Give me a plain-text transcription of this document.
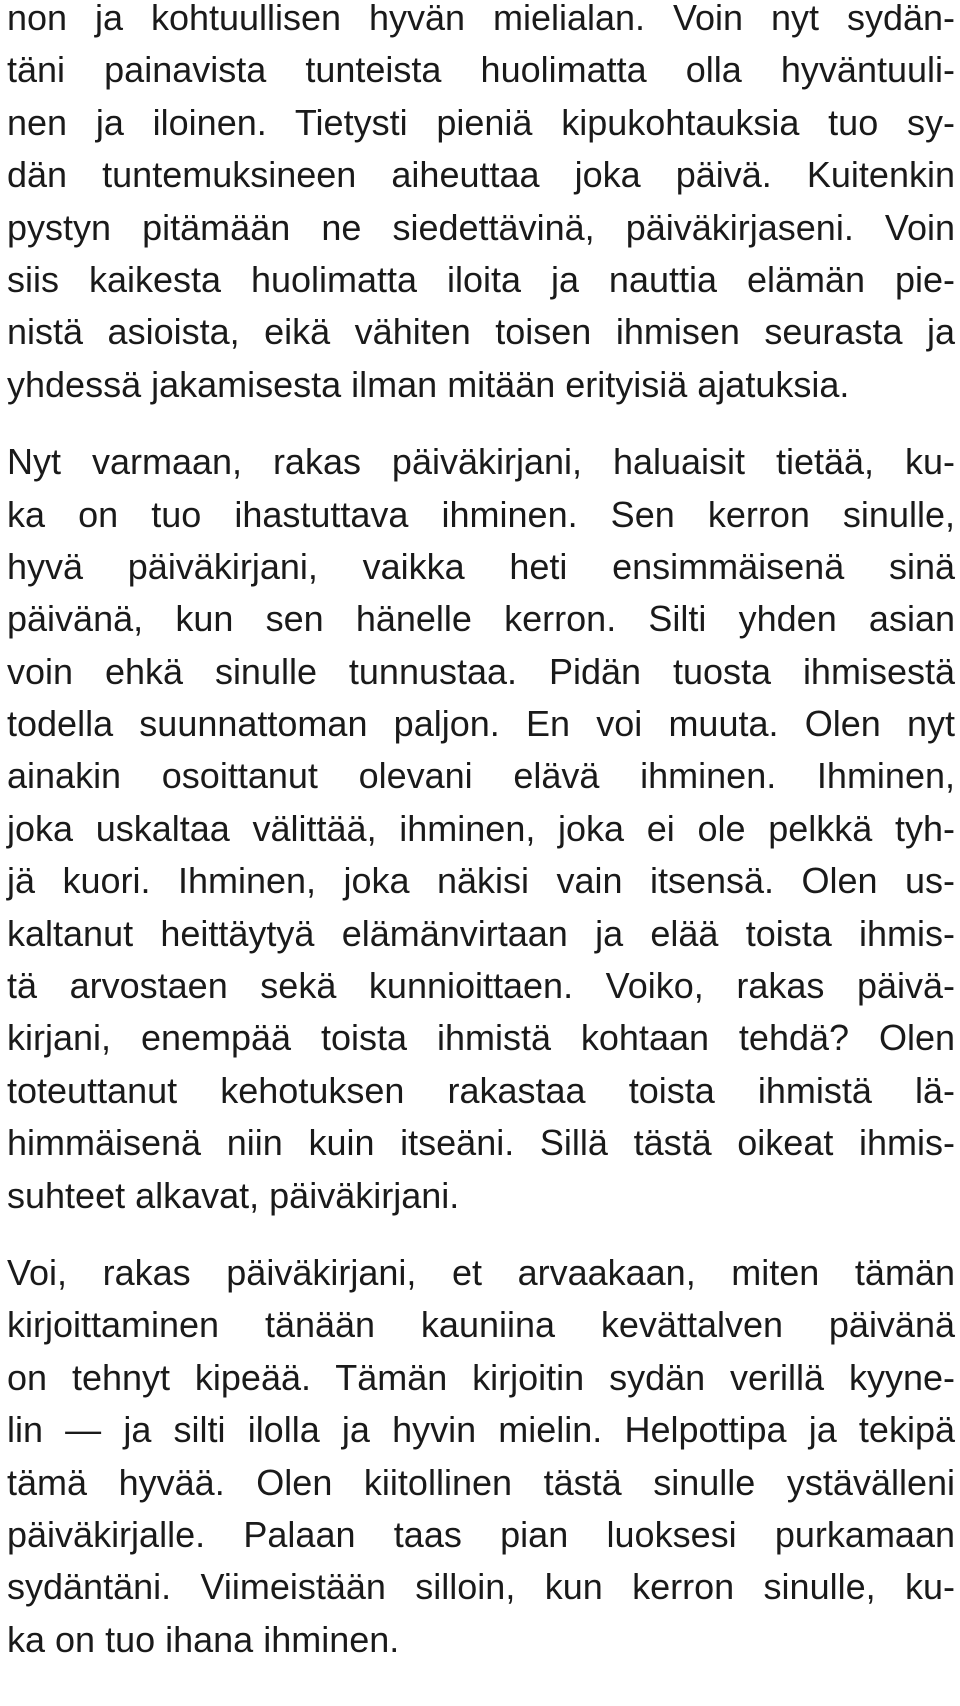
non ja kohtuullisen hyvän mielialan. Voin nyt sydän-
täni painavista tunteista huolimatta olla hyväntuuli-
nen ja iloinen. Tietysti pieniä kipukohtauksia tuo sy-
dän tuntemuksineen aiheuttaa joka päivä. Kuitenkin
pystyn pitämään ne siedettävinä, päiväkirjaseni. Voin
siis kaikesta huolimatta iloita ja nauttia elämän pie-
nistä asioista, eikä vähiten toisen ihmisen seurasta ja
yhdessä jakamisesta ilman mitään erityisiä ajatuksia.
Nyt varmaan, rakas päiväkirjani, haluaisit tietää, ku-
ka on tuo ihastuttava ihminen. Sen kerron sinulle,
hyvä päiväkirjani, vaikka heti ensimmäisenä sinä
päivänä, kun sen hänelle kerron. Silti yhden asian
voin ehkä sinulle tunnustaa. Pidän tuosta ihmisestä
todella suunnattoman paljon. En voi muuta. Olen nyt
ainakin osoittanut olevani elävä ihminen. Ihminen,
joka uskaltaa välittää, ihminen, joka ei ole pelkkä tyh-
jä kuori. Ihminen, joka näkisi vain itsensä. Olen us-
kaltanut heittäytyä elämänvirtaan ja elää toista ihmis-
tä arvostaen sekä kunnioittaen. Voiko, rakas päivä-
kirjani, enempää toista ihmistä kohtaan tehdä? Olen
toteuttanut kehotuksen rakastaa toista ihmistä lä-
himmäisenä niin kuin itseäni. Sillä tästä oikeat ihmis-
suhteet alkavat, päiväkirjani.
Voi, rakas päiväkirjani, et arvaakaan, miten tämän
kirjoittaminen tänään kauniina kevättalven päivänä
on tehnyt kipeää. Tämän kirjoitin sydän verillä kyyne-
lin — ja silti ilolla ja hyvin mielin. Helpottipa ja tekipä
tämä hyvää. Olen kiitollinen tästä sinulle ystävälleni
päiväkirjalle. Palaan taas pian luoksesi purkamaan
sydäntäni. Viimeistään silloin, kun kerron sinulle, ku-
ka on tuo ihana ihminen.
